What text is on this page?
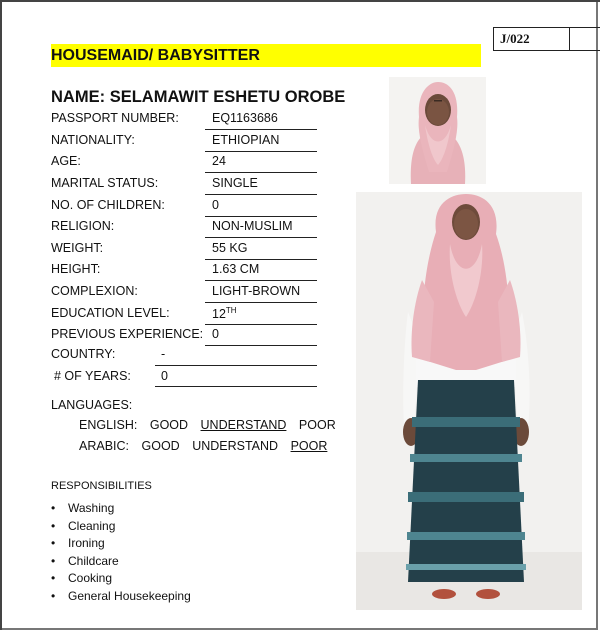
J/022
HOUSEMAID/ BABYSITTER
NAME: SELAMAWIT ESHETU OROBE
PASSPORT NUMBER:	EQ1163686
NATIONALITY:	ETHIOPIAN
AGE:	24
MARITAL STATUS:	SINGLE
NO. OF CHILDREN:	0
RELIGION:	NON-MUSLIM
WEIGHT:	55 KG
HEIGHT:	1.63 CM
COMPLEXION:	LIGHT-BROWN
EDUCATION LEVEL:	12TH
PREVIOUS EXPERIENCE: 0
COUNTRY:	-
# OF YEARS: 0
LANGUAGES:
ENGLISH: GOOD UNDERSTAND POOR
ARABIC: GOOD UNDERSTAND POOR
RESPONSIBILITIES
• Washing
• Cleaning
• Ironing
• Childcare
• Cooking
• General Housekeeping
